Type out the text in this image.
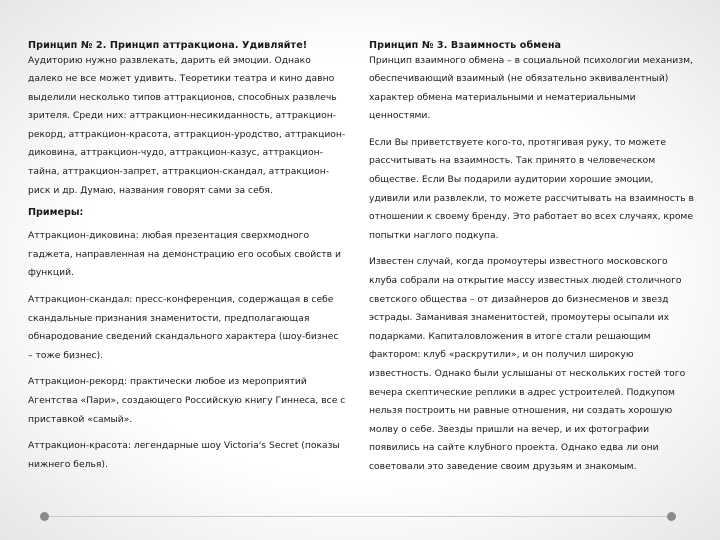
Принцип № 2. Принцип аттракциона. Удивляйте!
Аудиторию нужно развлекать, дарить ей эмоции. Однако далеко не все может удивить. Теоретики театра и кино давно выделили несколько типов аттракционов, способных развлечь зрителя. Среди них: аттракцион-несикиданность, аттракцион-рекорд, аттракцион-красота, аттракцион-уродство, аттракцион-диковина, аттракцион-чудо, аттракцион-казус, аттракцион-тайна, аттракцион-запрет, аттракцион-скандал, аттракцион-риск и др. Думаю, названия говорят сами за себя.
Примеры:
Аттракцион-диковина: любая презентация сверхмодного гаджета, направленная на демонстрацию его особых свойств и функций.
Аттракцион-скандал: пресс-конференция, содержащая в себе скандальные признания знаменитости, предполагающая обнародование сведений скандального характера (шоу-бизнес – тоже бизнес).
Аттракцион-рекорд: практически любое из мероприятий Агентства «Пари», создающего Российскую книгу Гиннеса, все с приставкой «самый».
Аттракцион-красота: легендарные шоу Victoria's Secret (показы нижнего белья).
Принцип № 3. Взаимность обмена
Принцип взаимного обмена – в социальной психологии механизм, обеспечивающий взаимный (не обязательно эквивалентный) характер обмена материальными и нематериальными ценностями.
Если Вы приветствуете кого-то, протягивая руку, то можете рассчитывать на взаимность. Так принято в человеческом обществе. Если Вы подарили аудитории хорошие эмоции, удивили или развлекли, то можете рассчитывать на взаимность в отношении к своему бренду. Это работает во всех случаях, кроме попытки наглого подкупа.
Известен случай, когда промоутеры известного московского клуба собрали на открытие массу известных людей столичного светского общества – от дизайнеров до бизнесменов и звезд эстрады. Заманивая знаменитостей, промоутеры осыпали их подарками. Капиталовложения в итоге стали решающим фактором: клуб «раскрутили», и он получил широкую известность. Однако были услышаны от нескольких гостей того вечера скептические реплики в адрес устроителей. Подкупом нельзя построить ни равные отношения, ни создать хорошую молву о себе. Звезды пришли на вечер, и их фотографии появились на сайте клубного проекта. Однако едва ли они советовали это заведение своим друзьям и знакомым.
